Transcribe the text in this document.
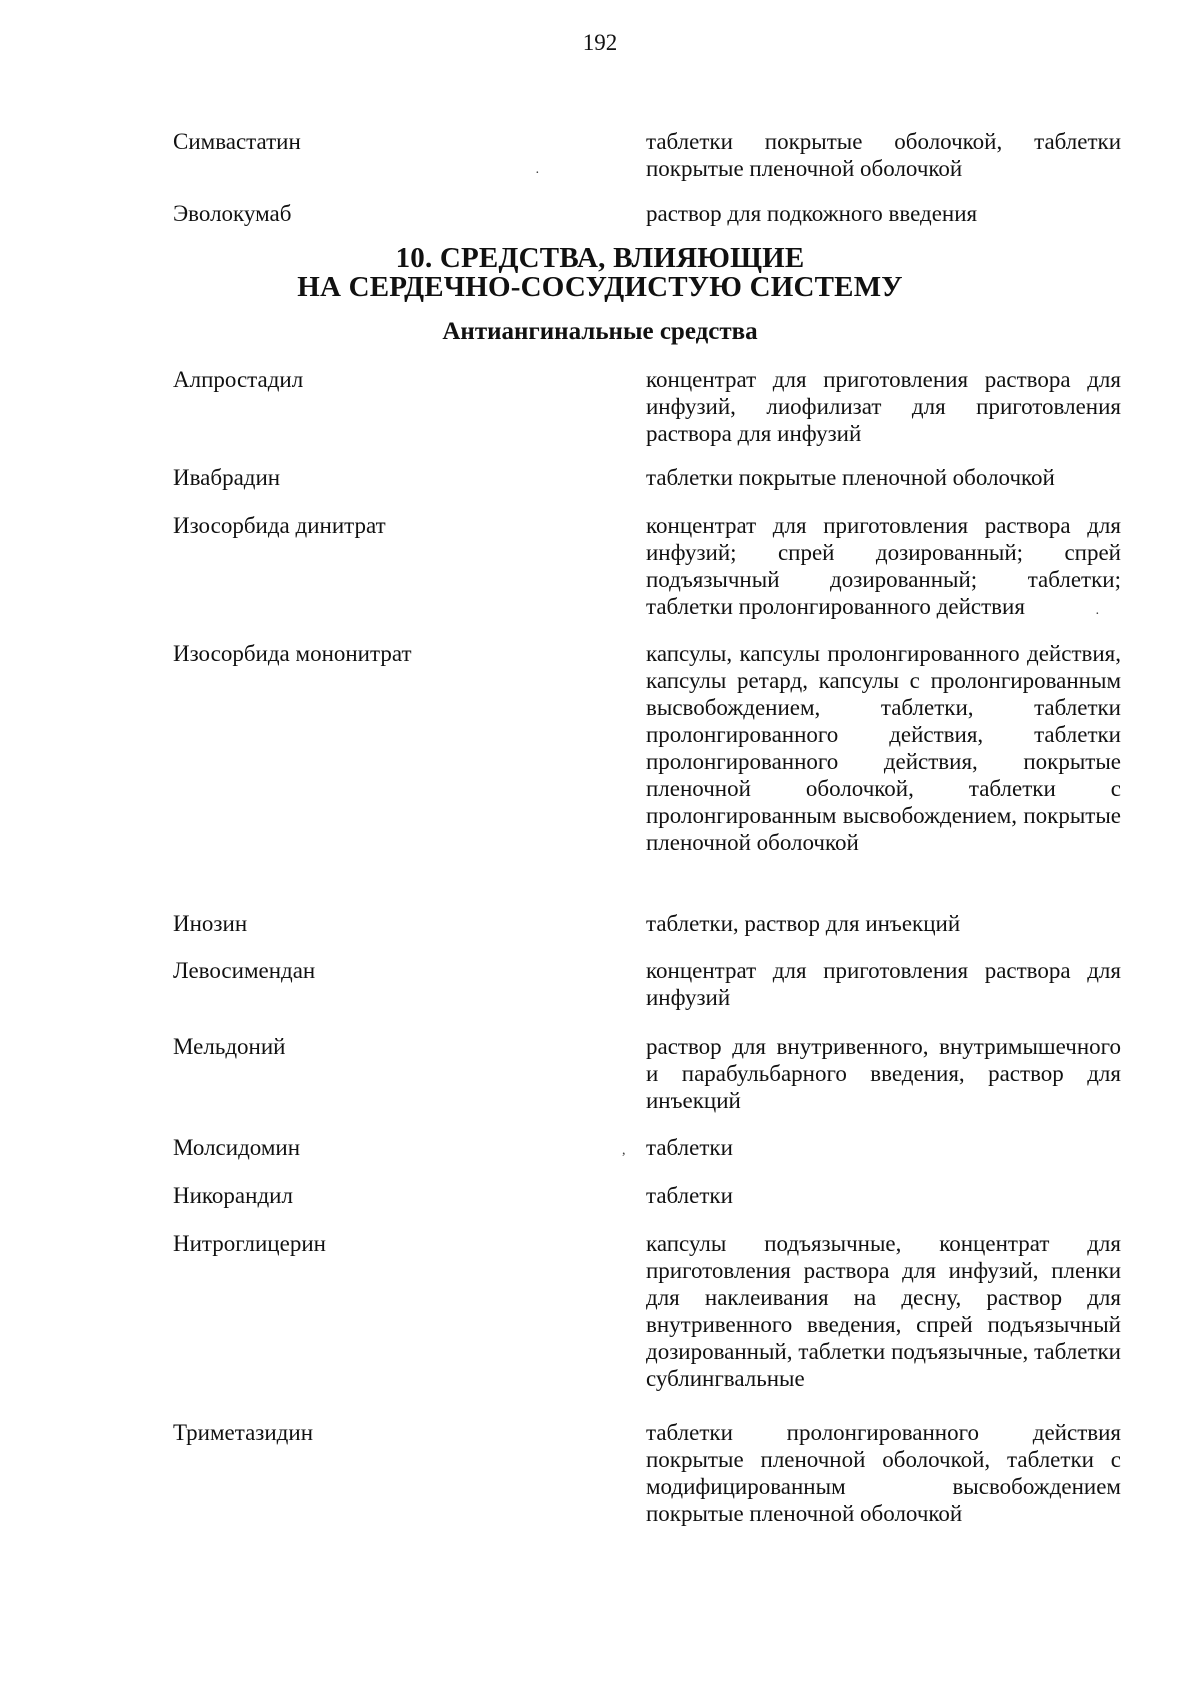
192
Симвастатин	таблетки покрытые оболочкой, таблетки покрытые пленочной оболочкой
Эволокумаб	раствор для подкожного введения
10. СРЕДСТВА, ВЛИЯЮЩИЕ
НА СЕРДЕЧНО-СОСУДИСТУЮ СИСТЕМУ
Антиангинальные средства
Алпростадил	концентрат для приготовления раствора для инфузий, лиофилизат для приготовления раствора для инфузий
Ивабрадин	таблетки покрытые пленочной оболочкой
Изосорбида динитрат	концентрат для приготовления раствора для инфузий; спрей дозированный; спрей подъязычный дозированный; таблетки; таблетки пролонгированного действия
Изосорбида мононитрат	капсулы, капсулы пролонгированного действия, капсулы ретард, капсулы с пролонгированным высвобождением, таблетки, таблетки пролонгированного действия, таблетки пролонгированного действия, покрытые пленочной оболочкой, таблетки с пролонгированным высвобождением, покрытые пленочной оболочкой
Инозин	таблетки, раствор для инъекций
Левосимендан	концентрат для приготовления раствора для инфузий
Мельдоний	раствор для внутривенного, внутримышечного и парабульбарного введения, раствор для инъекций
Молсидомин	таблетки
Никорандил	таблетки
Нитроглицерин	капсулы подъязычные, концентрат для приготовления раствора для инфузий, пленки для наклеивания на десну, раствор для внутривенного введения, спрей подъязычный дозированный, таблетки подъязычные, таблетки сублингвальные
Триметазидин	таблетки пролонгированного действия покрытые пленочной оболочкой, таблетки с модифицированным высвобождением покрытые пленочной оболочкой
·
·
,
